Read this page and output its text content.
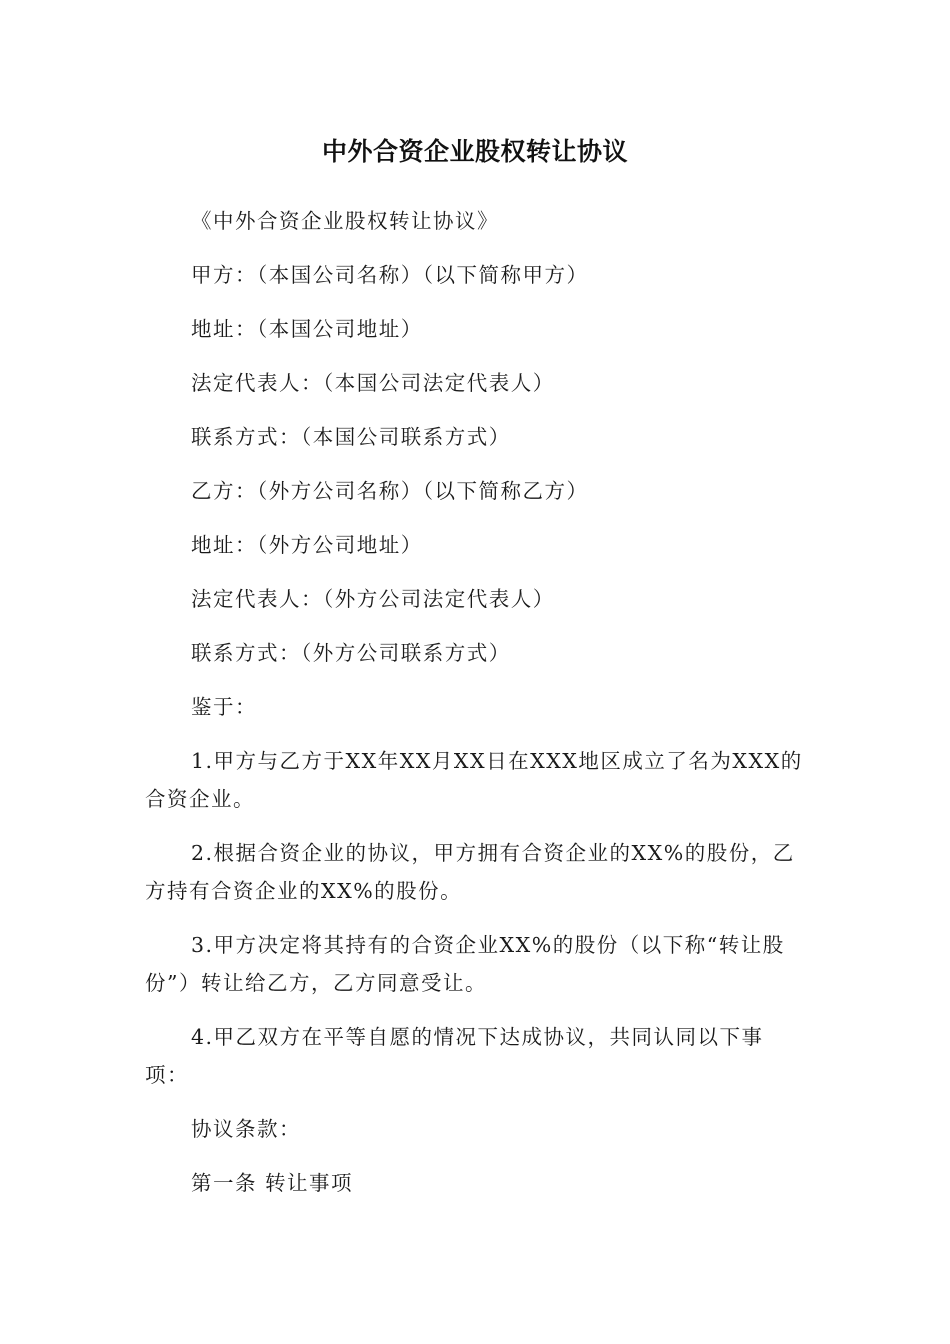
中外合资企业股权转让协议

《中外合资企业股权转让协议》

甲方：（本国公司名称）（以下简称甲方）

地址：（本国公司地址）

法定代表人：（本国公司法定代表人）

联系方式：（本国公司联系方式）

乙方：（外方公司名称）（以下简称乙方）

地址：（外方公司地址）

法定代表人：（外方公司法定代表人）

联系方式：（外方公司联系方式）

鉴于：

1.甲方与乙方于XX年XX月XX日在XXX地区成立了名为XXX的合资企业。

2.根据合资企业的协议，甲方拥有合资企业的XX%的股份，乙方持有合资企业的XX%的股份。

3.甲方决定将其持有的合资企业XX%的股份（以下称“转让股份”）转让给乙方，乙方同意受让。

4.甲乙双方在平等自愿的情况下达成协议，共同认同以下事项：

协议条款：

第一条 转让事项
